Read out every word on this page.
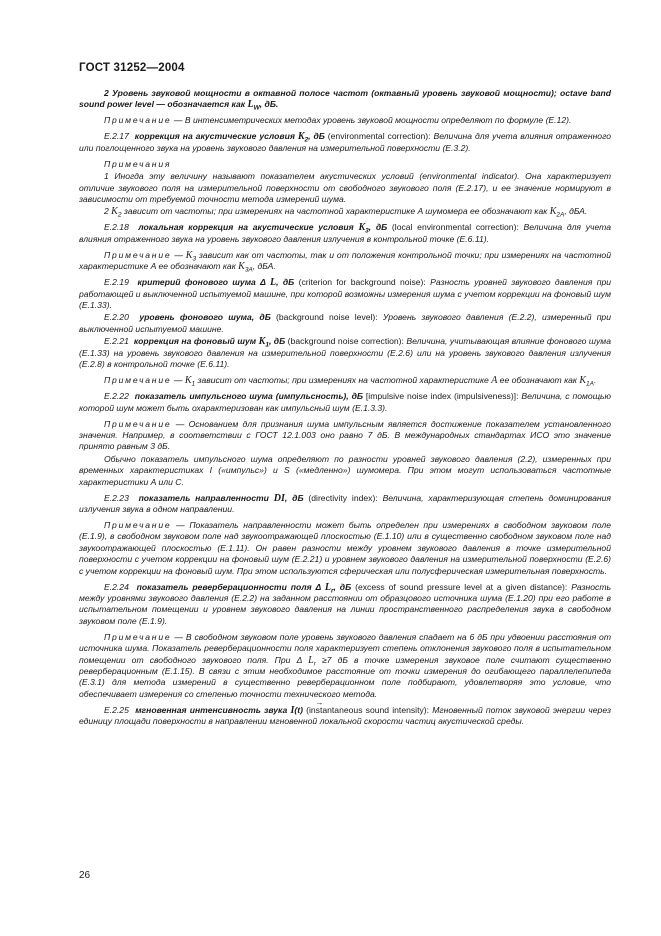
ГОСТ 31252—2004

2 Уровень звуковой мощности в октавной полосе частот (октавный уровень звуковой мощности); octave band sound power level — обозначается как $L_W$, дБ.

Примечание — В интенсиметрических методах уровень звуковой мощности определяют по формуле (E.12).

E.2.17 коррекция на акустические условия $K_2$, дБ (environmental correction): Величина для учета влияния отраженного или поглощенного звука на уровень звукового давления на измерительной поверхности (E.3.2).

Примечания

1 Иногда эту величину называют показателем акустических условий (environmental indicator). Она характеризует отличие звукового поля на измерительной поверхности от свободного звукового поля (E.2.17), и ее значение нормируют в зависимости от требуемой точности метода измерений шума.

2 $K_2$ зависит от частоты; при измерениях на частотной характеристике A шумомера ее обозначают как $K_{2A}$, дБА.

E.2.18 локальная коррекция на акустические условия $K_3$, дБ (local environmental correction): Величина для учета влияния отраженного звука на уровень звукового давления излучения в контрольной точке (E.6.11).

Примечание — $K_3$ зависит как от частоты, так и от положения контрольной точки; при измерениях на частотной характеристике A ее обозначают как $K_{3A}$, дБА.

E.2.19 критерий фонового шума Δ L, дБ (criterion for background noise): Разность уровней звукового давления при работающей и выключенной испытуемой машине, при которой возможны измерения шума с учетом коррекции на фоновый шум (E.1.33).

E.2.20 уровень фонового шума, дБ (background noise level): Уровень звукового давления (E.2.2), измеренный при выключенной испытуемой машине.

E.2.21 коррекция на фоновый шум $K_1$, дБ (background noise correction): Величина, учитывающая влияние фонового шума (E.1.33) на уровень звукового давления на измерительной поверхности (E.2.6) или на уровень звукового давления излучения (E.2.8) в контрольной точке (E.6.11).

Примечание — $K_1$ зависит от частоты; при измерениях на частотной характеристике A ее обозначают как $K_{1A}$.

E.2.22 показатель импульсного шума (импульсность), дБ [impulsive noise index (impulsiveness)]: Величина, с помощью которой шум может быть охарактеризован как импульсный шум (E.1.3.3).

Примечание — Основанием для признания шума импульсным является достижение показателем установленного значения. Например, в соответствии с ГОСТ 12.1.003 оно равно 7 дБ. В международных стандартах ИСО это значение принято равным 3 дБ.

Обычно показатель импульсного шума определяют по разности уровней звукового давления (2.2), измеренных при временных характеристиках I («импульс») и S («медленно») шумомера. При этом могут использоваться частотные характеристики A или C.

E.2.23 показатель направленности DI, дБ (directivity index): Величина, характеризующая степень доминирования излучения звука в одном направлении.

Примечание — Показатель направленности может быть определен при измерениях в свободном звуковом поле (E.1.9), в свободном звуковом поле над звукоотражающей плоскостью (E.1.10) или в существенно свободном звуковом поле над звукоотражающей плоскостью (E.1.11). Он равен разности между уровнем звукового давления в точке измерительной поверхности с учетом коррекции на фоновый шум (E.2.21) и уровнем звукового давления на измерительной поверхности (E.2.6) с учетом коррекции на фоновый шум. При этом используются сферическая или полусферическая измерительная поверхность.

E.2.24 показатель реверберационности поля Δ $L_r$, дБ (excess of sound pressure level at a given distance): Разность между уровнями звукового давления (E.2.2) на заданном расстоянии от образцового источника шума (E.1.20) при его работе в испытательном помещении и уровнем звукового давления на линии пространственного распределения звука в свободном звуковом поле (E.1.9).

Примечание — В свободном звуковом поле уровень звукового давления спадает на 6 дБ при удвоении расстояния от источника шума. Показатель реверберационности поля характеризует степень отклонения звукового поля в испытательном помещении от свободного звукового поля. При Δ $L_r \ge 7$ дБ в точке измерения звуковое поле считают существенно реверберационным (E.1.15). В связи с этим необходимое расстояние от точки измерения до огибающего параллелепипеда (E.3.1) для метода измерений в существенно реверберационном поле подбирают, удовлетворяя это условие, что обеспечивает измерения со степенью точности технического метода.

E.2.25 мгновенная интенсивность звука
→
I(t) (instantaneous sound intensity): Мгновенный поток звуковой энергии через единицу площади поверхности в направлении мгновенной локальной скорости частиц акустической среды.

26
